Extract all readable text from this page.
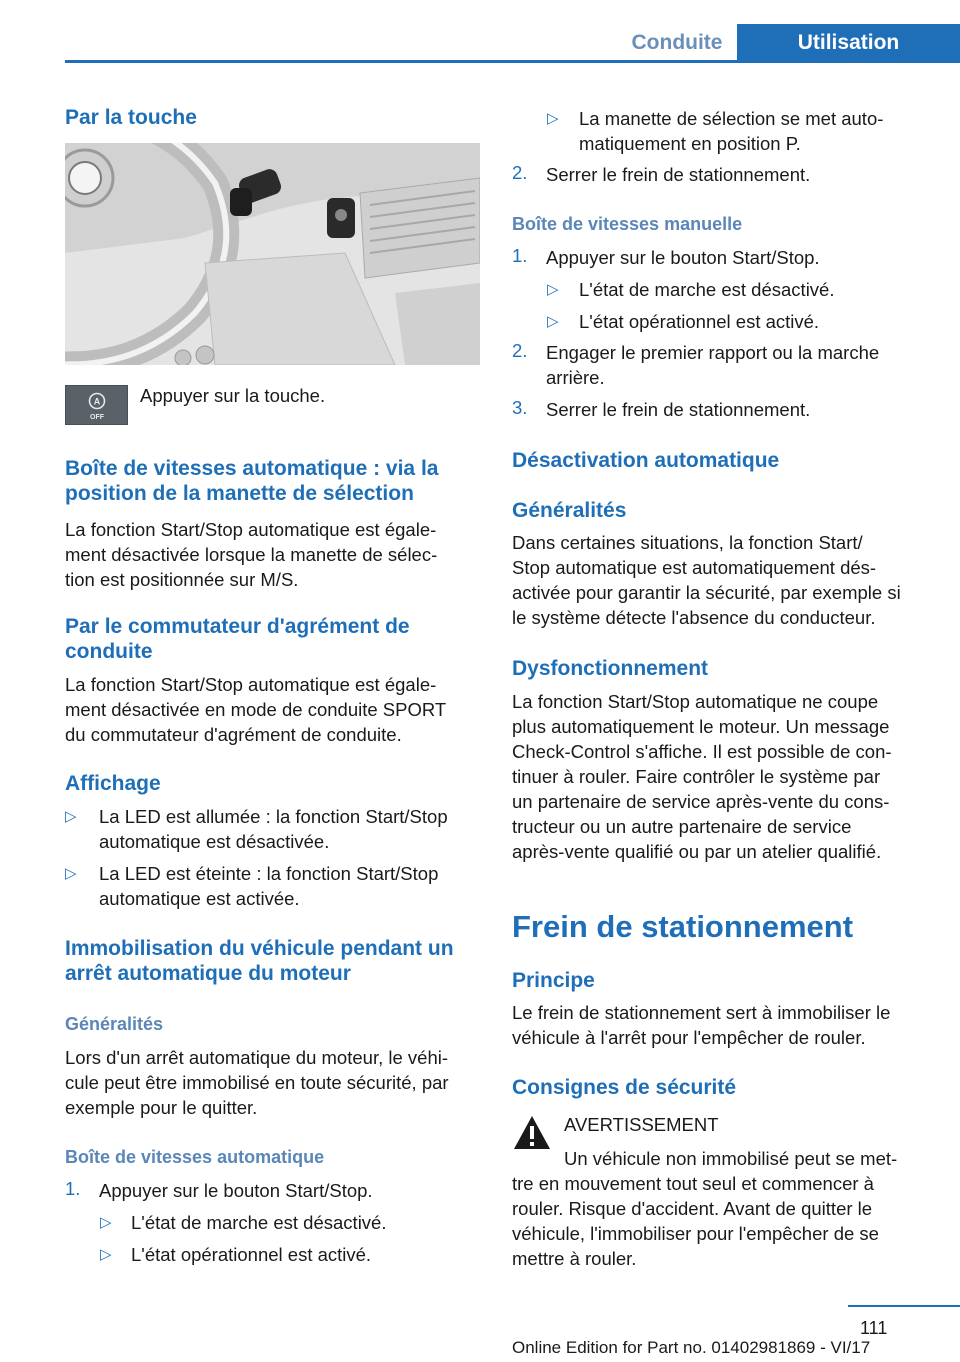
Conduite	Utilisation
Par la touche
A
OFF
Appuyer sur la touche.
Boîte de vitesses automatique : via la
position de la manette de sélection
La fonction Start/Stop automatique est égale‐
ment désactivée lorsque la manette de sélec‐
tion est positionnée sur M/S.
Par le commutateur d'agrément de
conduite
La fonction Start/Stop automatique est égale‐
ment désactivée en mode de conduite SPORT
du commutateur d'agrément de conduite.
Affichage
▷ La LED est allumée : la fonction Start/Stop
automatique est désactivée.
▷ La LED est éteinte : la fonction Start/Stop
automatique est activée.
Immobilisation du véhicule pendant un
arrêt automatique du moteur
Généralités
Lors d'un arrêt automatique du moteur, le véhi‐
cule peut être immobilisé en toute sécurité, par
exemple pour le quitter.
Boîte de vitesses automatique
1. Appuyer sur le bouton Start/Stop.
▷ L'état de marche est désactivé.
▷ L'état opérationnel est activé.
▷ La manette de sélection se met auto‐
matiquement en position P.
2. Serrer le frein de stationnement.
Boîte de vitesses manuelle
1. Appuyer sur le bouton Start/Stop.
▷ L'état de marche est désactivé.
▷ L'état opérationnel est activé.
2. Engager le premier rapport ou la marche
arrière.
3. Serrer le frein de stationnement.
Désactivation automatique
Généralités
Dans certaines situations, la fonction Start/
Stop automatique est automatiquement dés‐
activée pour garantir la sécurité, par exemple si
le système détecte l'absence du conducteur.
Dysfonctionnement
La fonction Start/Stop automatique ne coupe
plus automatiquement le moteur. Un message
Check-Control s'affiche. Il est possible de con‐
tinuer à rouler. Faire contrôler le système par
un partenaire de service après-vente du cons‐
tructeur ou un autre partenaire de service
après-vente qualifié ou par un atelier qualifié.
Frein de stationnement
Principe
Le frein de stationnement sert à immobiliser le
véhicule à l'arrêt pour l'empêcher de rouler.
Consignes de sécurité
AVERTISSEMENT
Un véhicule non immobilisé peut se met‐
tre en mouvement tout seul et commencer à
rouler. Risque d'accident. Avant de quitter le
véhicule, l'immobiliser pour l'empêcher de se
mettre à rouler.
111
Online Edition for Part no. 01402981869 - VI/17
